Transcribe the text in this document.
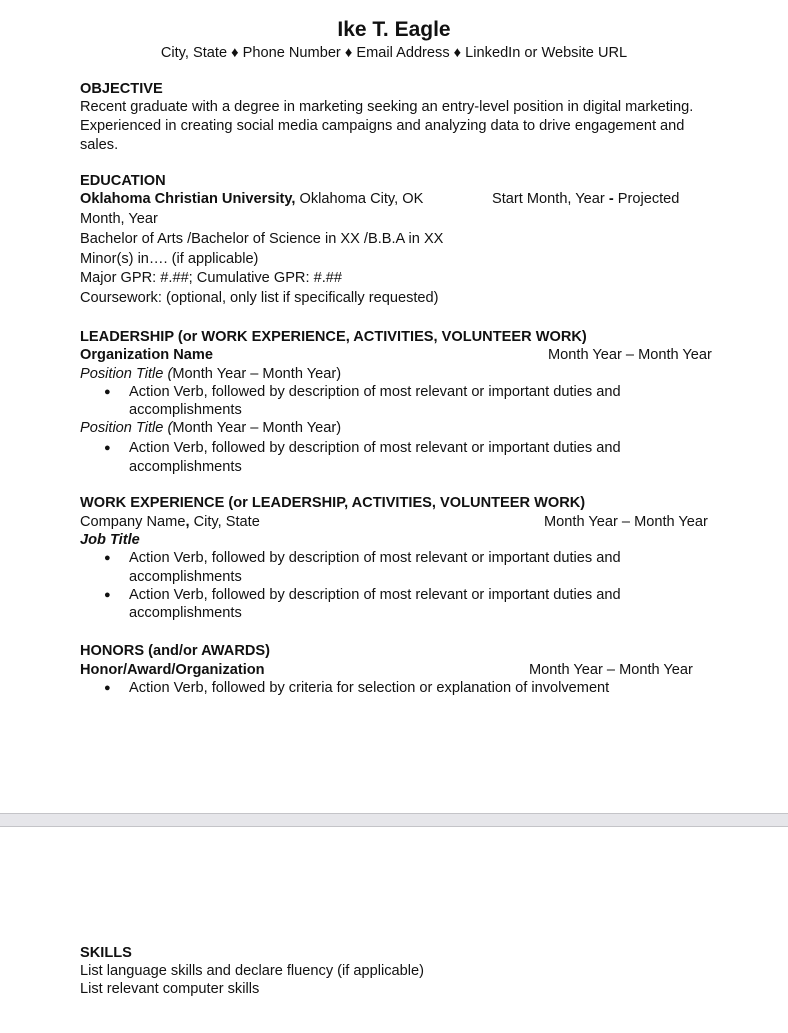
Ike T. Eagle
City, State ♦ Phone Number ♦ Email Address ♦ LinkedIn or Website URL
OBJECTIVE
Recent graduate with a degree in marketing seeking an entry-level position in digital marketing.
Experienced in creating social media campaigns and analyzing data to drive engagement and
sales.
EDUCATION
Oklahoma Christian University, Oklahoma City, OK	Start Month, Year - Projected
Month, Year
Bachelor of Arts /Bachelor of Science in XX /B.B.A in XX
Minor(s) in…. (if applicable)
Major GPR: #.##; Cumulative GPR: #.##
Coursework: (optional, only list if specifically requested)
LEADERSHIP (or WORK EXPERIENCE, ACTIVITIES, VOLUNTEER WORK)
Organization Name	Month Year – Month Year
Position Title (Month Year – Month Year)
● Action Verb, followed by description of most relevant or important duties and
accomplishments
Position Title (Month Year – Month Year)
● Action Verb, followed by description of most relevant or important duties and
accomplishments
WORK EXPERIENCE (or LEADERSHIP, ACTIVITIES, VOLUNTEER WORK)
Company Name, City, State	Month Year – Month Year
Job Title
● Action Verb, followed by description of most relevant or important duties and
accomplishments
● Action Verb, followed by description of most relevant or important duties and
accomplishments
HONORS (and/or AWARDS)
Honor/Award/Organization	Month Year – Month Year
● Action Verb, followed by criteria for selection or explanation of involvement
SKILLS
List language skills and declare fluency (if applicable)
List relevant computer skills
